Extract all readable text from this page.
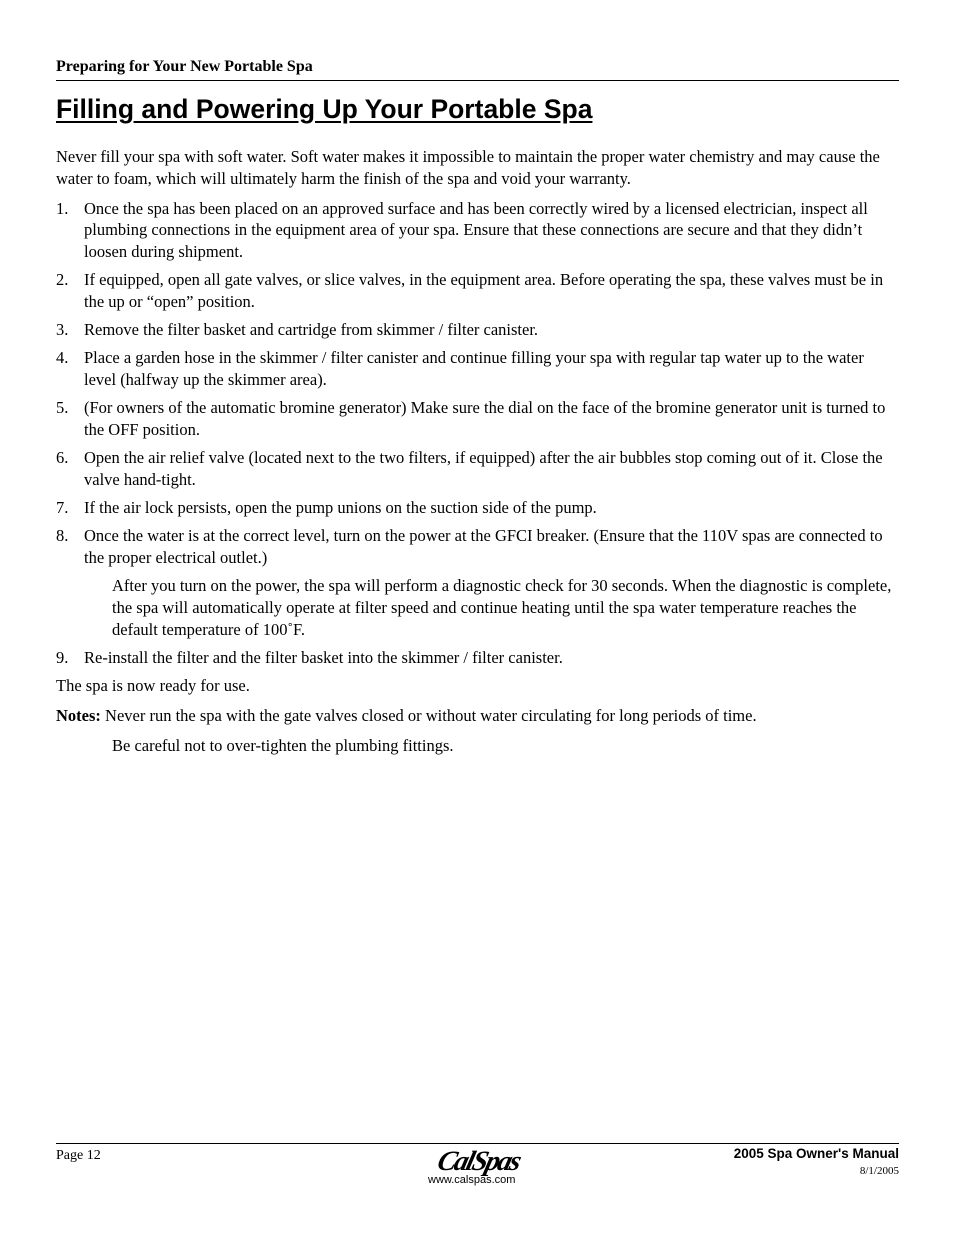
Preparing for Your New Portable Spa
Filling and Powering Up Your Portable Spa

Never fill your spa with soft water. Soft water makes it impossible to maintain the proper water chemistry and may cause the water to foam, which will ultimately harm the finish of the spa and void your warranty.

1. Once the spa has been placed on an approved surface and has been correctly wired by a licensed electrician, inspect all plumbing connections in the equipment area of your spa. Ensure that these connections are secure and that they didn’t loosen during shipment.
2. If equipped, open all gate valves, or slice valves, in the equipment area. Before operating the spa, these valves must be in the up or “open” position.
3. Remove the filter basket and cartridge from skimmer / filter canister.
4. Place a garden hose in the skimmer / filter canister and continue filling your spa with regular tap water up to the water level (halfway up the skimmer area).
5. (For owners of the automatic bromine generator) Make sure the dial on the face of the bromine generator unit is turned to the OFF position.
6. Open the air relief valve (located next to the two filters, if equipped) after the air bubbles stop coming out of it. Close the valve hand-tight.
7. If the air lock persists, open the pump unions on the suction side of the pump.
8. Once the water is at the correct level, turn on the power at the GFCI breaker. (Ensure that the 110V spas are connected to the proper electrical outlet.)

After you turn on the power, the spa will perform a diagnostic check for 30 seconds. When the diagnostic is complete, the spa will automatically operate at filter speed and continue heating until the spa water temperature reaches the default temperature of 100˚F.

9. Re-install the filter and the filter basket into the skimmer / filter canister.

The spa is now ready for use.

Notes: Never run the spa with the gate valves closed or without water circulating for long periods of time.

Be careful not to over-tighten the plumbing fittings.

Page 12	CalSpas
www.calspas.com
2005 Spa Owner's Manual
8/1/2005
